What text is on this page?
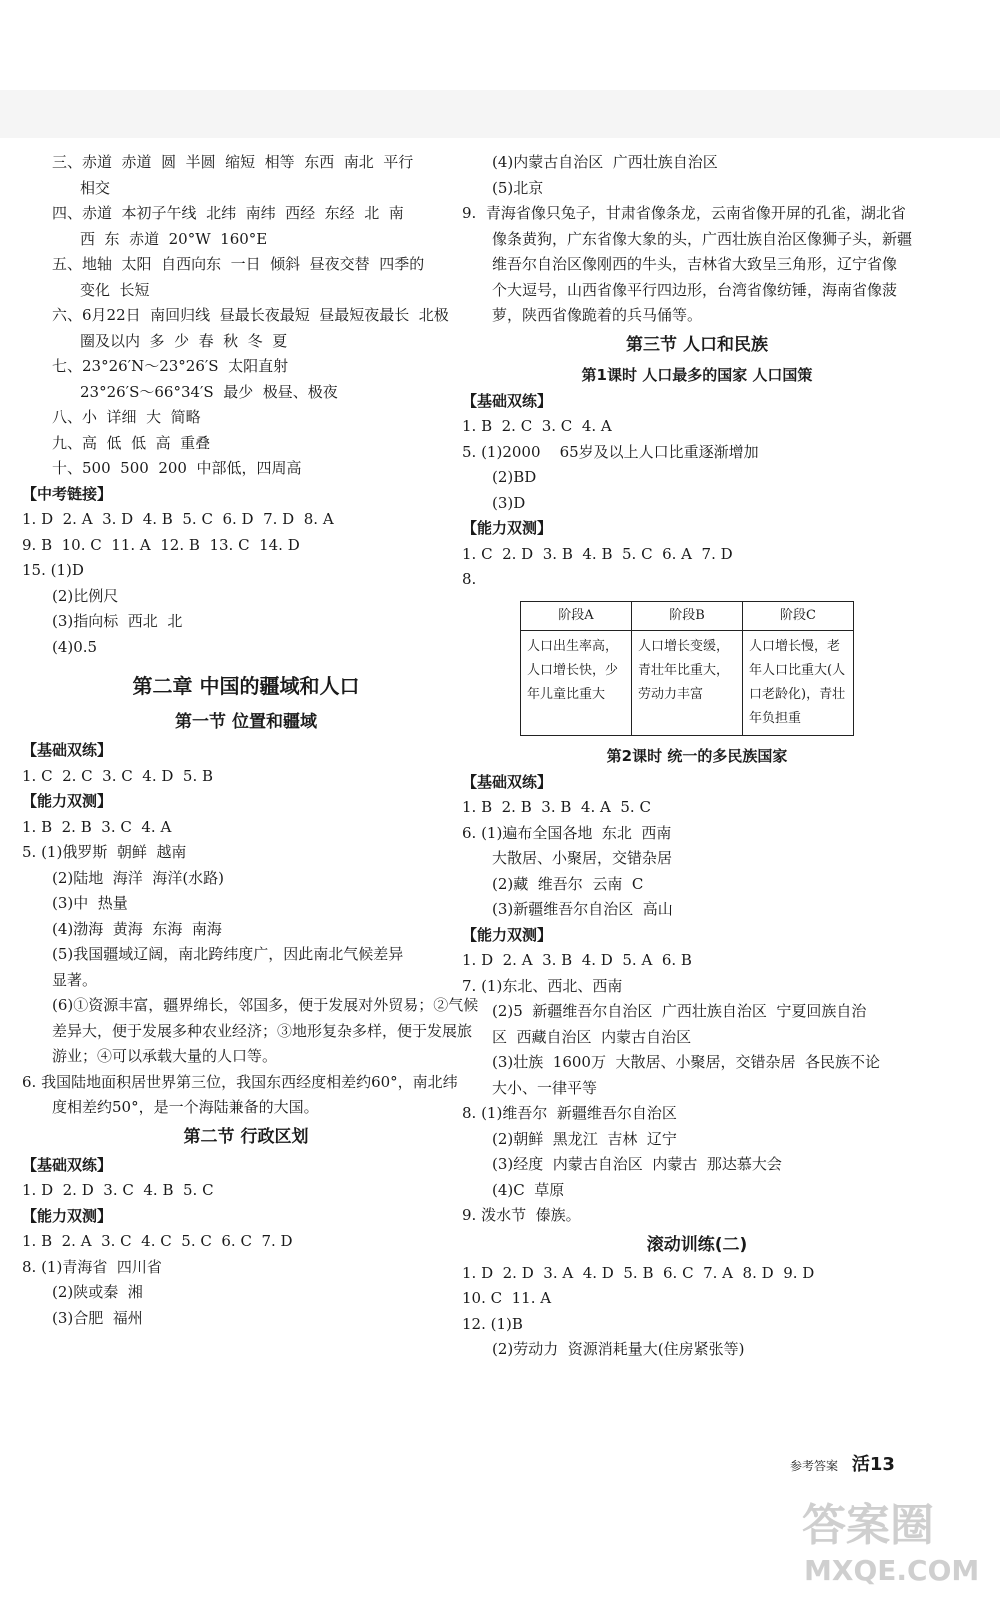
三、赤道  赤道  圆  半圆  缩短  相等  东西  南北  平行
相交
四、赤道  本初子午线  北纬  南纬  西经  东经  北  南
西  东  赤道  20°W  160°E
五、地轴  太阳  自西向东  一日  倾斜  昼夜交替  四季的
变化  长短
六、6月22日  南回归线  昼最长夜最短  昼最短夜最长  北极
圈及以内  多  少  春  秋  冬  夏
七、23°26′N～23°26′S  太阳直射
23°26′S～66°34′S  最少  极昼、极夜
八、小  详细  大  简略
九、高  低  低  高  重叠
十、500  500  200  中部低，四周高
【中考链接】
1. D  2. A  3. D  4. B  5. C  6. D  7. D  8. A
9. B  10. C  11. A  12. B  13. C  14. D
15. (1)D
(2)比例尺
(3)指向标  西北  北
(4)0.5
第二章 中国的疆域和人口
第一节 位置和疆域
【基础双练】
1. C  2. C  3. C  4. D  5. B
【能力双测】
1. B  2. B  3. C  4. A
5. (1)俄罗斯  朝鲜  越南
(2)陆地  海洋  海洋(水路)
(3)中  热量
(4)渤海  黄海  东海  南海
(5)我国疆域辽阔，南北跨纬度广，因此南北气候差异
显著。
(6)①资源丰富，疆界绵长，邻国多，便于发展对外贸易；②气候
差异大，便于发展多种农业经济；③地形复杂多样，便于发展旅
游业；④可以承载大量的人口等。
6. 我国陆地面积居世界第三位，我国东西经度相差约60°，南北纬
度相差约50°，是一个海陆兼备的大国。
第二节 行政区划
【基础双练】
1. D  2. D  3. C  4. B  5. C
【能力双测】
1. B  2. A  3. C  4. C  5. C  6. C  7. D
8. (1)青海省  四川省
(2)陕或秦  湘
(3)合肥  福州
(4)内蒙古自治区  广西壮族自治区
(5)北京
9.  青海省像只兔子，甘肃省像条龙，云南省像开屏的孔雀，湖北省
像条黄狗，广东省像大象的头，广西壮族自治区像狮子头，新疆
维吾尔自治区像刚西的牛头，吉林省大致呈三角形，辽宁省像
个大逗号，山西省像平行四边形，台湾省像纺锤，海南省像菠
萝，陕西省像跪着的兵马俑等。
第三节 人口和民族
第1课时 人口最多的国家 人口国策
【基础双练】
1. B  2. C  3. C  4. A
5. (1)2000    65岁及以上人口比重逐渐增加
(2)BD
(3)D
【能力双测】
1. C  2. D  3. B  4. B  5. C  6. A  7. D
8.
阶段A	阶段B	阶段C
人口出生率高，人口增长快，少年儿童比重大	人口增长变缓，青壮年比重大，劳动力丰富	人口增长慢，老年人口比重大(人口老龄化)，青壮年负担重
第2课时 统一的多民族国家
【基础双练】
1. B  2. B  3. B  4. A  5. C
6. (1)遍布全国各地  东北  西南
大散居、小聚居，交错杂居
(2)藏  维吾尔  云南  C
(3)新疆维吾尔自治区  高山
【能力双测】
1. D  2. A  3. B  4. D  5. A  6. B
7. (1)东北、西北、西南
(2)5  新疆维吾尔自治区  广西壮族自治区  宁夏回族自治
区  西藏自治区  内蒙古自治区
(3)壮族  1600万  大散居、小聚居，交错杂居  各民族不论
大小、一律平等
8. (1)维吾尔  新疆维吾尔自治区
(2)朝鲜  黑龙江  吉林  辽宁
(3)经度  内蒙古自治区  内蒙古  那达慕大会
(4)C  草原
9. 泼水节  傣族。
滚动训练(二)
1. D  2. D  3. A  4. D  5. B  6. C  7. A  8. D  9. D
10. C  11. A
12. (1)B
(2)劳动力  资源消耗量大(住房紧张等)
参考答案 活13
答案圈
MXQE.COM
